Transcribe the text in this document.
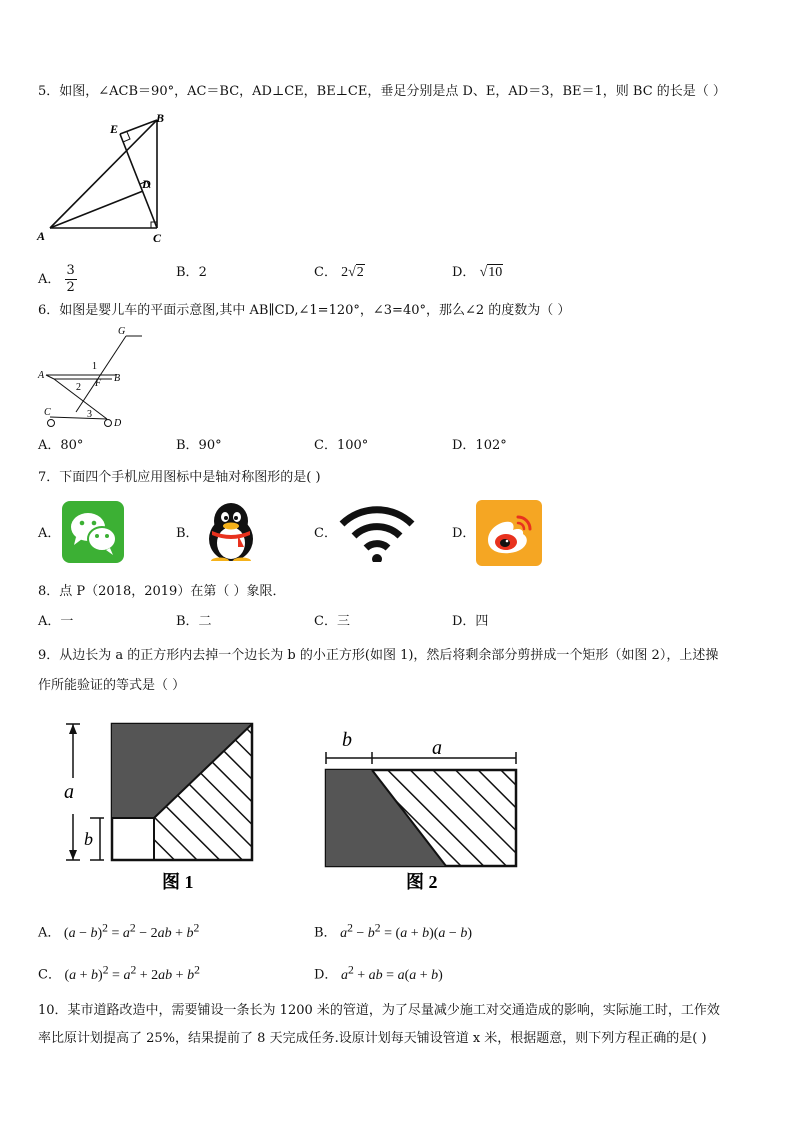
5．如图，∠ACB＝90°，AC＝BC，AD⊥CE，BE⊥CE，垂足分别是点 D、E，AD＝3，BE＝1，则 BC 的长是（ ）
E
B
D
A	C
A． $\frac{3}{2}$	B．2	C． 2√2	D． √10
6．如图是婴儿车的平面示意图,其中 AB∥CD,∠1=120°，∠3=40°，那么∠2 的度数为（ ）
G
A	B
F
1
2
C
D
3
A．80°	B．90°	C．100°	D．102°
7．下面四个手机应用图标中是轴对称图形的是( )
A．	B．	C．	D．
8．点 P（2018，2019）在第（ ）象限．
A．一	B．二	C．三	D．四
9．从边长为 a 的正方形内去掉一个边长为 b 的小正方形(如图 1)，然后将剩余部分剪拼成一个矩形（如图 2），上述操
作所能验证的等式是（ ）
a
b
图 1
b	a
图 2
A． $(a - b)^2 = a^2 - 2ab + b^2$	B． $a^2 - b^2 = (a + b)(a - b)$
C． $(a + b)^2 = a^2 + 2ab + b^2$	D． $a^2$ + ab = a(a + b)
10．某市道路改造中，需要铺设一条长为 1200 米的管道，为了尽量减少施工对交通造成的影响，实际施工时，工作效
率比原计划提高了 25%，结果提前了 8 天完成任务.设原计划每天铺设管道 x 米，根据题意，则下列方程正确的是( )
